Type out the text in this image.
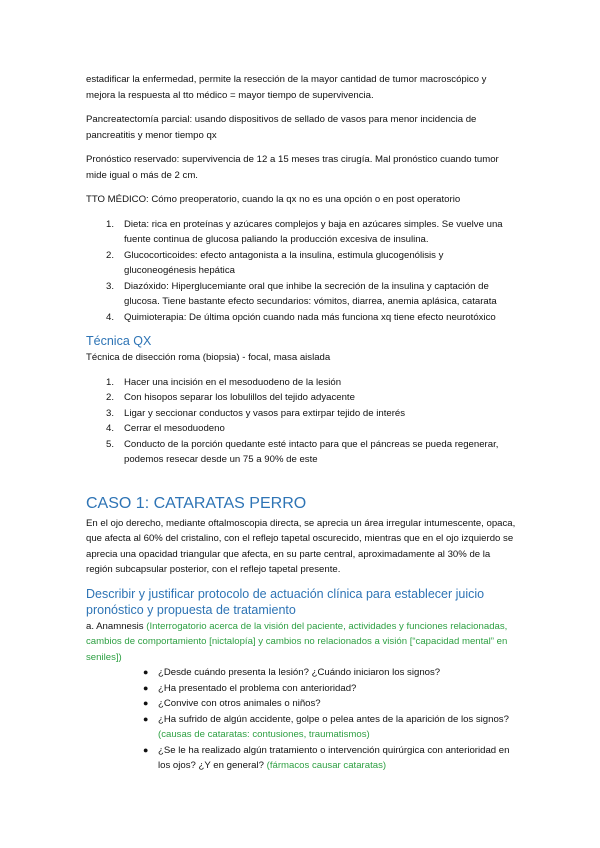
estadificar la enfermedad, permite la resección de la mayor cantidad de tumor macroscópico y mejora la respuesta al tto médico = mayor tiempo de supervivencia.

Pancreatectomía parcial: usando dispositivos de sellado de vasos para menor incidencia de pancreatitis y menor tiempo qx

Pronóstico reservado: supervivencia de 12 a 15 meses tras cirugía. Mal pronóstico cuando tumor mide igual o más de 2 cm.

TTO MÉDICO: Cómo preoperatorio, cuando la qx no es una opción o en post operatorio

1. Dieta: rica en proteínas y azúcares complejos y baja en azúcares simples. Se vuelve una fuente continua de glucosa paliando la producción excesiva de insulina.
2. Glucocorticoides: efecto antagonista a la insulina, estimula glucogenólisis y gluconeogénesis hepática
3. Diazóxido: Hiperglucemiante oral que inhibe la secreción de la insulina y captación de glucosa. Tiene bastante efecto secundarios: vómitos, diarrea, anemia aplásica, catarata
4. Quimioterapia: De última opción cuando nada más funciona xq tiene efecto neurotóxico

Técnica QX

Técnica de disección roma (biopsia) - focal, masa aislada

1. Hacer una incisión en el mesoduodeno de la lesión
2. Con hisopos separar los lobulillos del tejido adyacente
3. Ligar y seccionar conductos y vasos para extirpar tejido de interés
4. Cerrar el mesoduodeno
5. Conducto de la porción quedante esté intacto para que el páncreas se pueda regenerar, podemos resecar desde un 75 a 90% de este

CASO 1: CATARATAS PERRO

En el ojo derecho, mediante oftalmoscopia directa, se aprecia un área irregular intumescente, opaca, que afecta al 60% del cristalino, con el reflejo tapetal oscurecido, mientras que en el ojo izquierdo se aprecia una opacidad triangular que afecta, en su parte central, aproximadamente al 30% de la región subcapsular posterior, con el reflejo tapetal presente.

Describir y justificar protocolo de actuación clínica para establecer juicio pronóstico y propuesta de tratamiento

a. Anamnesis (Interrogatorio acerca de la visión del paciente, actividades y funciones relacionadas, cambios de comportamiento [nictalopía] y cambios no relacionados a visión [“capacidad mental” en seniles])

● ¿Desde cuándo presenta la lesión? ¿Cuándo iniciaron los signos?
● ¿Ha presentado el problema con anterioridad?
● ¿Convive con otros animales o niños?
● ¿Ha sufrido de algún accidente, golpe o pelea antes de la aparición de los signos? (causas de cataratas: contusiones, traumatismos)
● ¿Se le ha realizado algún tratamiento o intervención quirúrgica con anterioridad en los ojos? ¿Y en general? (fármacos causar cataratas)
